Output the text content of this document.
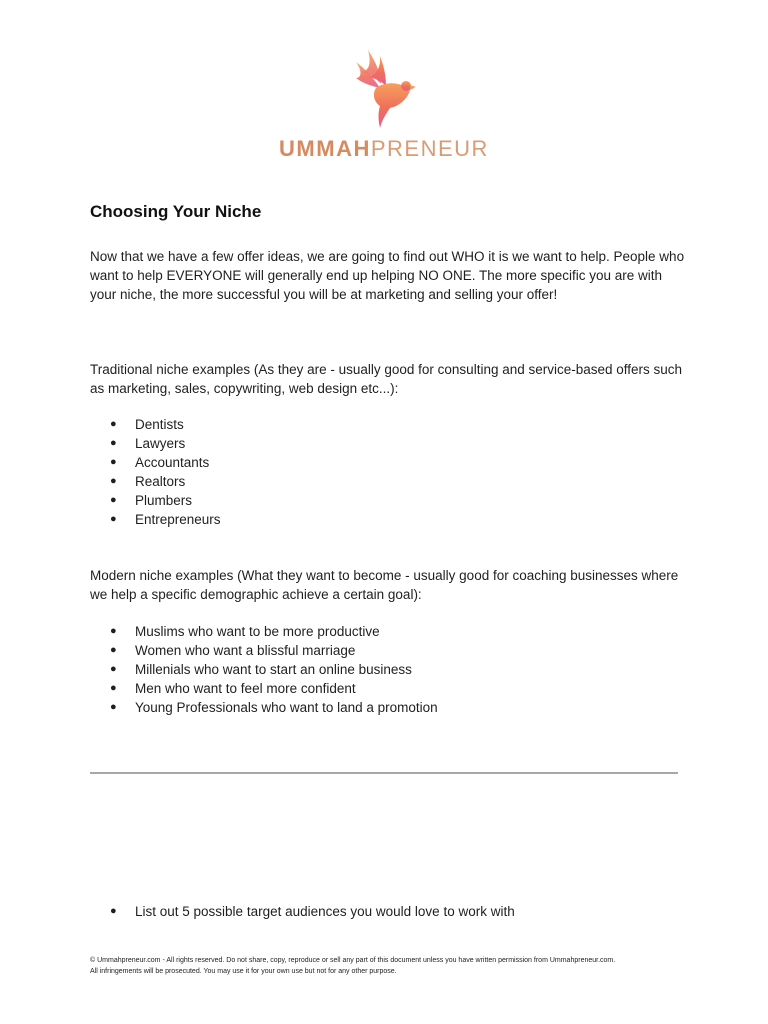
UMMAHPRENEUR
Choosing Your Niche

Now that we have a few offer ideas, we are going to find out WHO it is we want to help. People who want to help EVERYONE will generally end up helping NO ONE. The more specific you are with your niche, the more successful you will be at marketing and selling your offer!

Traditional niche examples (As they are - usually good for consulting and service-based offers such as marketing, sales, copywriting, web design etc...):

● Dentists
● Lawyers
● Accountants
● Realtors
● Plumbers
● Entrepreneurs

Modern niche examples (What they want to become - usually good for coaching businesses where we help a specific demographic achieve a certain goal):

● Muslims who want to be more productive
● Women who want a blissful marriage
● Millenials who want to start an online business
● Men who want to feel more confident
● Young Professionals who want to land a promotion
● List out 5 possible target audiences you would love to work with
© Ummahpreneur.com - All rights reserved. Do not share, copy, reproduce or sell any part of this document unless you have written permission from Ummahpreneur.com.
All infringements will be prosecuted. You may use it for your own use but not for any other purpose.
